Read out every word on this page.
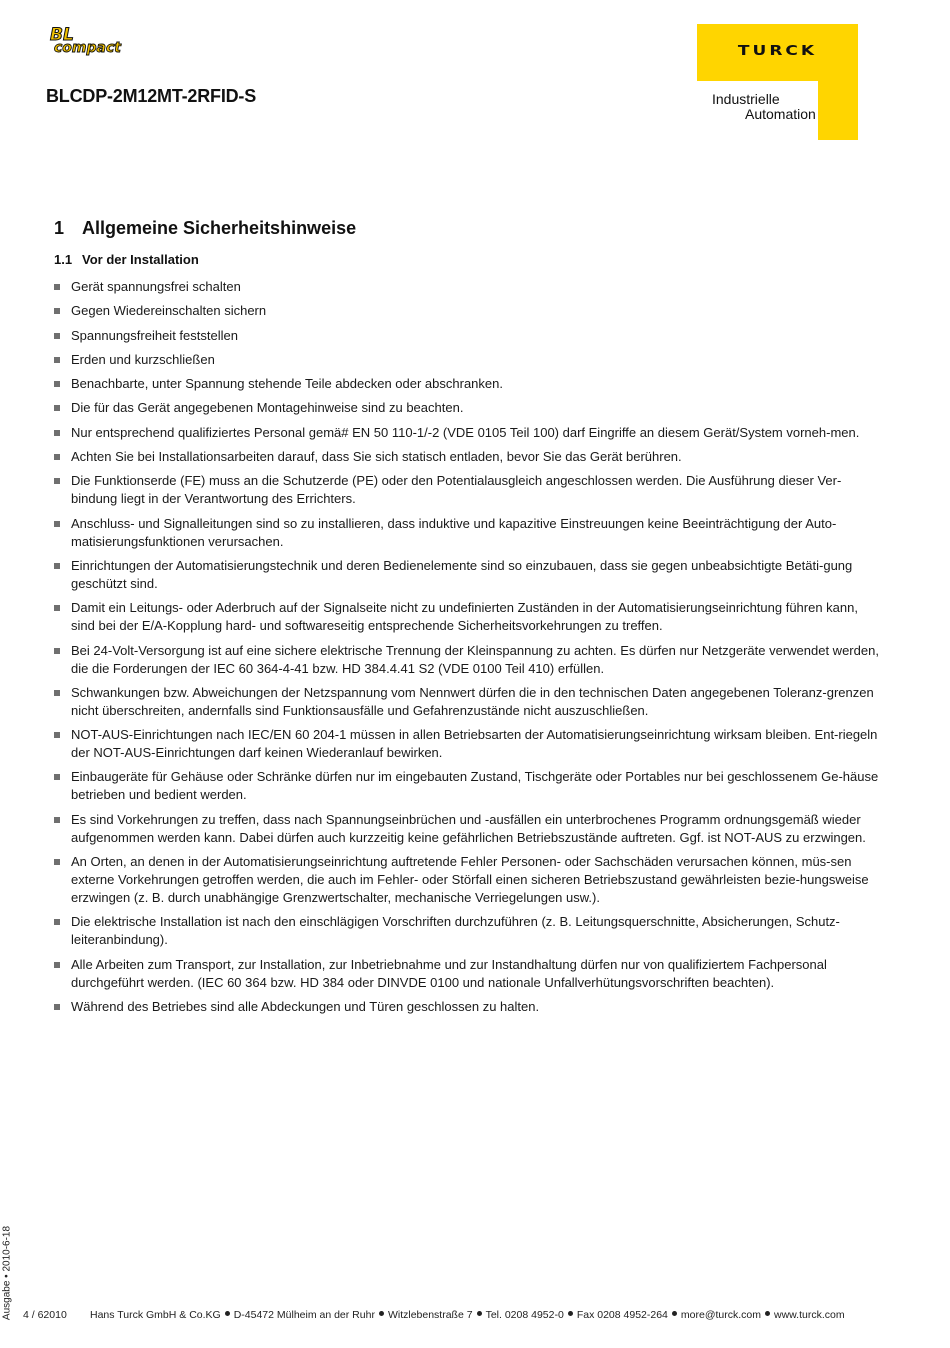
BL
compact
BLCDP-2M12MT-2RFID-S
TURCK
Industrielle
Automation
1 Allgemeine Sicherheitshinweise
1.1 Vor der Installation
Gerät spannungsfrei schalten
Gegen Wiedereinschalten sichern
Spannungsfreiheit feststellen
Erden und kurzschließen
Benachbarte, unter Spannung stehende Teile abdecken oder abschranken.
Die für das Gerät angegebenen Montagehinweise sind zu beachten.
Nur entsprechend qualifiziertes Personal gemä# EN 50 110-1/-2 (VDE 0105 Teil 100) darf Eingriffe an diesem Gerät/System vorneh-men.
Achten Sie bei Installationsarbeiten darauf, dass Sie sich statisch entladen, bevor Sie das Gerät berühren.
Die Funktionserde (FE) muss an die Schutzerde (PE) oder den Potentialausgleich angeschlossen werden. Die Ausführung dieser Ver-bindung liegt in der Verantwortung des Errichters.
Anschluss- und Signalleitungen sind so zu installieren, dass induktive und kapazitive Einstreuungen keine Beeinträchtigung der Auto-matisierungsfunktionen verursachen.
Einrichtungen der Automatisierungstechnik und deren Bedienelemente sind so einzubauen, dass sie gegen unbeabsichtigte Betäti-gung geschützt sind.
Damit ein Leitungs- oder Aderbruch auf der Signalseite nicht zu undefinierten Zuständen in der Automatisierungseinrichtung führen kann, sind bei der E/A-Kopplung hard- und softwareseitig entsprechende Sicherheitsvorkehrungen zu treffen.
Bei 24-Volt-Versorgung ist auf eine sichere elektrische Trennung der Kleinspannung zu achten. Es dürfen nur Netzgeräte verwendet werden, die die Forderungen der IEC 60 364-4-41 bzw. HD 384.4.41 S2 (VDE 0100 Teil 410) erfüllen.
Schwankungen bzw. Abweichungen der Netzspannung vom Nennwert dürfen die in den technischen Daten angegebenen Toleranz-grenzen nicht überschreiten, andernfalls sind Funktionsausfälle und Gefahrenzustände nicht auszuschließen.
NOT-AUS-Einrichtungen nach IEC/EN 60 204-1 müssen in allen Betriebsarten der Automatisierungseinrichtung wirksam bleiben. Ent-riegeln der NOT-AUS-Einrichtungen darf keinen Wiederanlauf bewirken.
Einbaugeräte für Gehäuse oder Schränke dürfen nur im eingebauten Zustand, Tischgeräte oder Portables nur bei geschlossenem Ge-häuse betrieben und bedient werden.
Es sind Vorkehrungen zu treffen, dass nach Spannungseinbrüchen und -ausfällen ein unterbrochenes Programm ordnungsgemäß wieder aufgenommen werden kann. Dabei dürfen auch kurzzeitig keine gefährlichen Betriebszustände auftreten. Ggf. ist NOT-AUS zu erzwingen.
An Orten, an denen in der Automatisierungseinrichtung auftretende Fehler Personen- oder Sachschäden verursachen können, müs-sen externe Vorkehrungen getroffen werden, die auch im Fehler- oder Störfall einen sicheren Betriebszustand gewährleisten bezie-hungsweise erzwingen (z. B. durch unabhängige Grenzwertschalter, mechanische Verriegelungen usw.).
Die elektrische Installation ist nach den einschlägigen Vorschriften durchzuführen (z. B. Leitungsquerschnitte, Absicherungen, Schutz-leiteranbindung).
Alle Arbeiten zum Transport, zur Installation, zur Inbetriebnahme und zur Instandhaltung dürfen nur von qualifiziertem Fachpersonal durchgeführt werden. (IEC 60 364 bzw. HD 384 oder DINVDE 0100 und nationale Unfallverhütungsvorschriften beachten).
Während des Betriebes sind alle Abdeckungen und Türen geschlossen zu halten.
Ausgabe • 2010-6-18 4 / 62010 Hans Turck GmbH & Co.KG D-45472 Mülheim an der Ruhr Witzlebenstraße 7 Tel. 0208 4952-0 Fax 0208 4952-264 more@turck.com www.turck.com
